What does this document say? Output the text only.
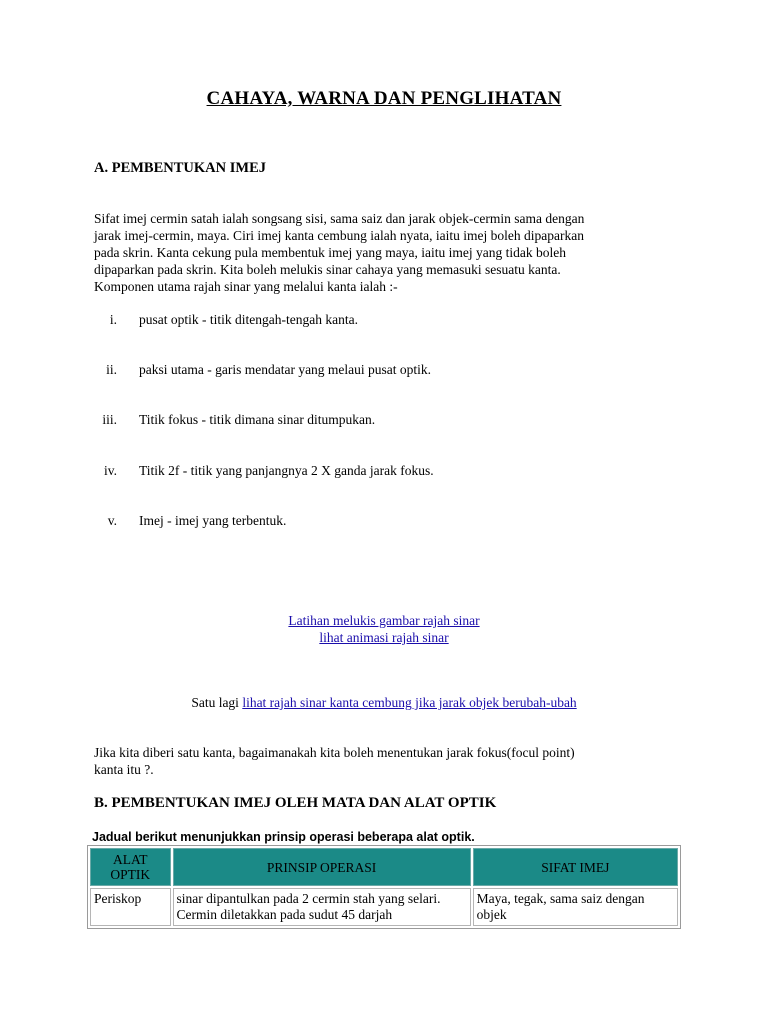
CAHAYA, WARNA DAN PENGLIHATAN
A. PEMBENTUKAN IMEJ
Sifat imej cermin satah ialah songsang sisi, sama saiz dan jarak objek-cermin sama dengan
jarak imej-cermin, maya. Ciri imej kanta cembung ialah nyata, iaitu imej boleh dipaparkan
pada skrin. Kanta cekung pula membentuk imej yang maya, iaitu imej yang tidak boleh
dipaparkan pada skrin. Kita boleh melukis sinar cahaya yang memasuki sesuatu kanta.
Komponen utama rajah sinar yang melalui kanta ialah :-
i. pusat optik - titik ditengah-tengah kanta.
ii. paksi utama - garis mendatar yang melaui pusat optik.
iii. Titik fokus - titik dimana sinar ditumpukan.
iv. Titik 2f - titik yang panjangnya 2 X ganda jarak fokus.
v. Imej - imej yang terbentuk.
Latihan melukis gambar rajah sinar
lihat animasi rajah sinar
Satu lagi lihat rajah sinar kanta cembung jika jarak objek berubah-ubah
Jika kita diberi satu kanta, bagaimanakah kita boleh menentukan jarak fokus(focul point)
kanta itu ?.
B. PEMBENTUKAN IMEJ OLEH MATA DAN ALAT OPTIK
Jadual berikut menunjukkan prinsip operasi beberapa alat optik.
ALAT OPTIK	PRINSIP OPERASI	SIFAT IMEJ
Periskop	sinar dipantulkan pada 2 cermin stah yang selari. Cermin diletakkan pada sudut 45 darjah	Maya, tegak, sama saiz dengan objek
